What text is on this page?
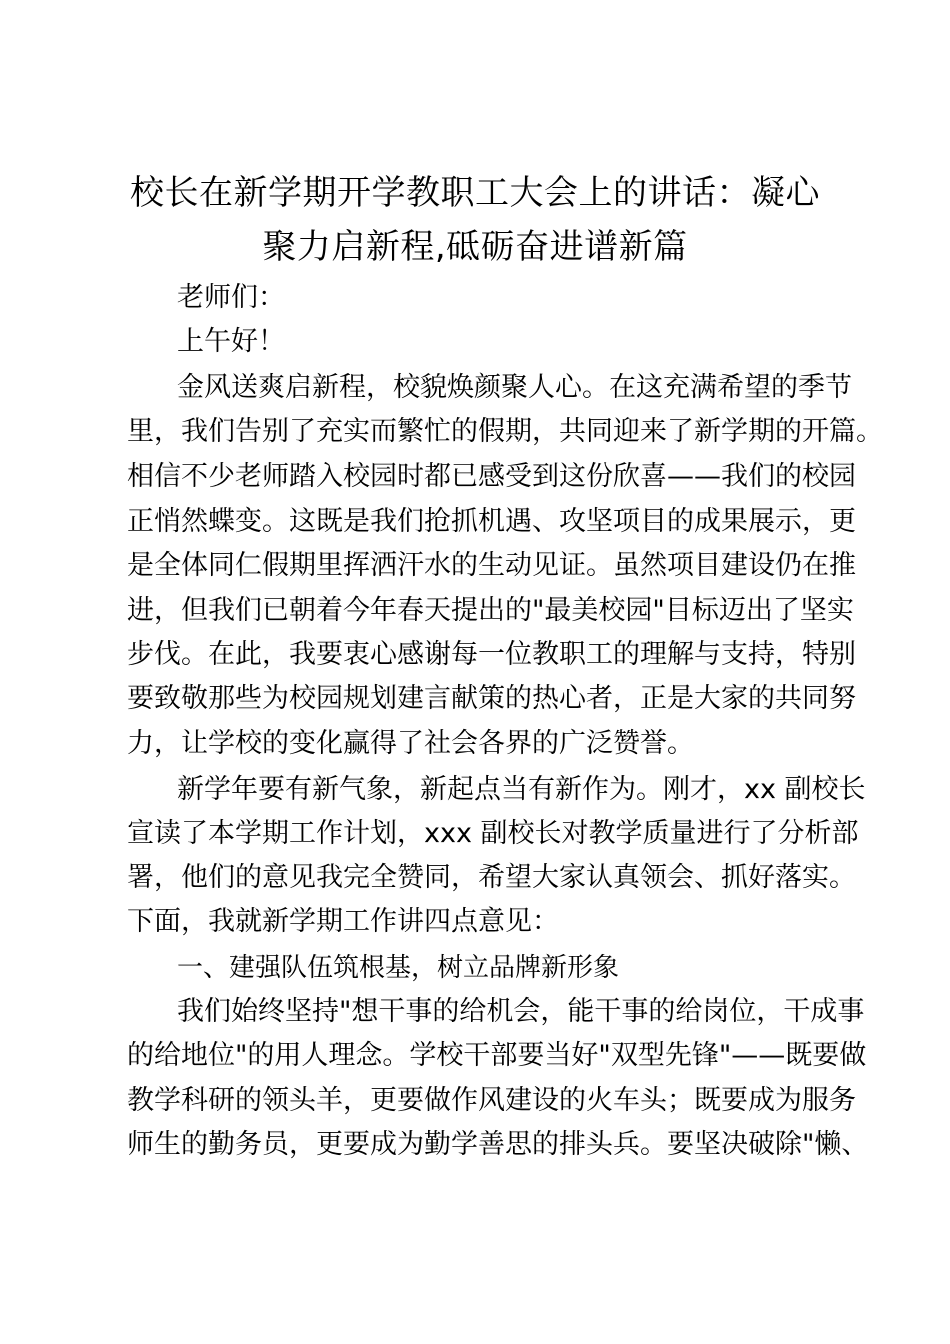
校长在新学期开学教职工大会上的讲话：凝心
聚力启新程,砥砺奋进谱新篇
老师们：
上午好！
金风送爽启新程，校貌焕颜聚人心。在这充满希望的季节
里，我们告别了充实而繁忙的假期，共同迎来了新学期的开篇。
相信不少老师踏入校园时都已感受到这份欣喜——我们的校园
正悄然蝶变。这既是我们抢抓机遇、攻坚项目的成果展示，更
是全体同仁假期里挥洒汗水的生动见证。虽然项目建设仍在推
进，但我们已朝着今年春天提出的"最美校园"目标迈出了坚实
步伐。在此，我要衷心感谢每一位教职工的理解与支持，特别
要致敬那些为校园规划建言献策的热心者，正是大家的共同努
力，让学校的变化赢得了社会各界的广泛赞誉。
新学年要有新气象，新起点当有新作为。刚才，xx 副校长
宣读了本学期工作计划，xxx 副校长对教学质量进行了分析部
署，他们的意见我完全赞同，希望大家认真领会、抓好落实。
下面，我就新学期工作讲四点意见：
一、建强队伍筑根基，树立品牌新形象
我们始终坚持"想干事的给机会，能干事的给岗位，干成事
的给地位"的用人理念。学校干部要当好"双型先锋"——既要做
教学科研的领头羊，更要做作风建设的火车头；既要成为服务
师生的勤务员，更要成为勤学善思的排头兵。要坚决破除"懒、
